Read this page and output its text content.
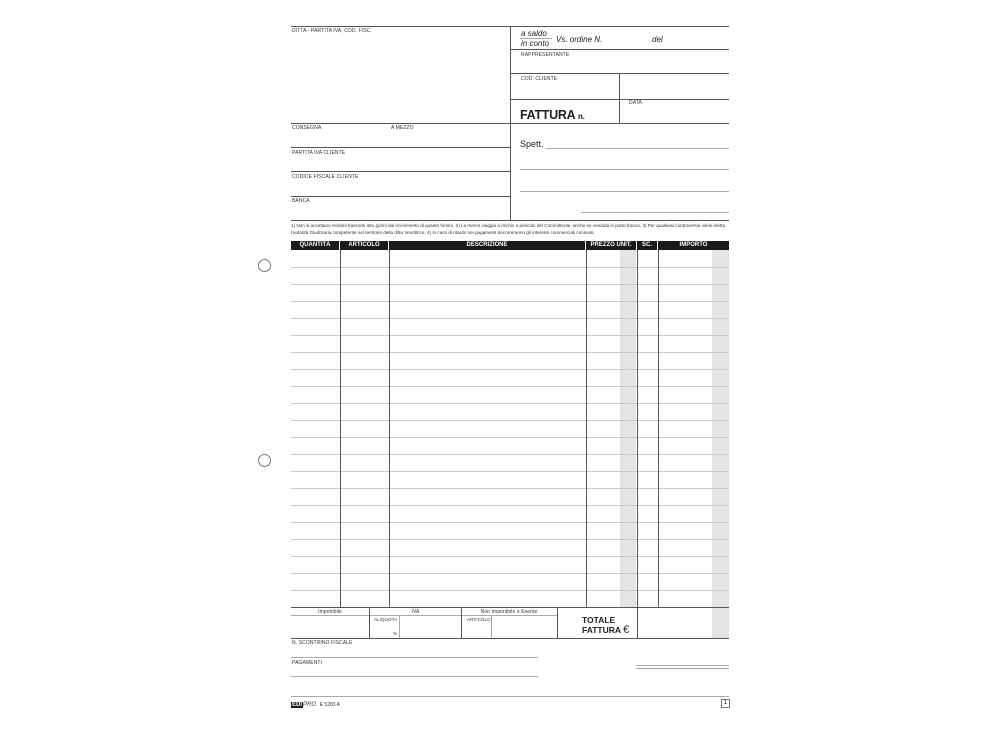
DITTA - PARTITA IVA, COD. FISC.	a saldo
in conto Vs. ordine N.	del
RAPPRESENTANTE
COD. CLIENTE
DATA
FATTURA n.
CONSEGNA	A MEZZO
PARTITA IVA CLIENTE
CODICE FISCALE CLIENTE
BANCA
Spett.
1) Non si accettano reclami trascorsi otto giorni dal ricevimento di quanto fornito. 2) La merce viaggia a rischio e pericolo del Committente, anche se venduta in porto franco. 3) Per qualsiasi controversia viene eletta l'autorità Giudiziaria competente nel territorio della ditta Venditrice. 4) In caso di ritardo nei pagamenti decorreranno gli interessi commerciali consueti.
QUANTITÀ	ARTICOLO	DESCRIZIONE	PREZZO UNIT.	SC.	IMPORTO
Imponibile	IVA	Non Imponibile o Esente
ALIQUOTA
%
ARTICOLO	TOTALE
FATTURA €
N. SCONTRINO FISCALE
PAGAMENTI
EDIPRO E 5283 A	1
